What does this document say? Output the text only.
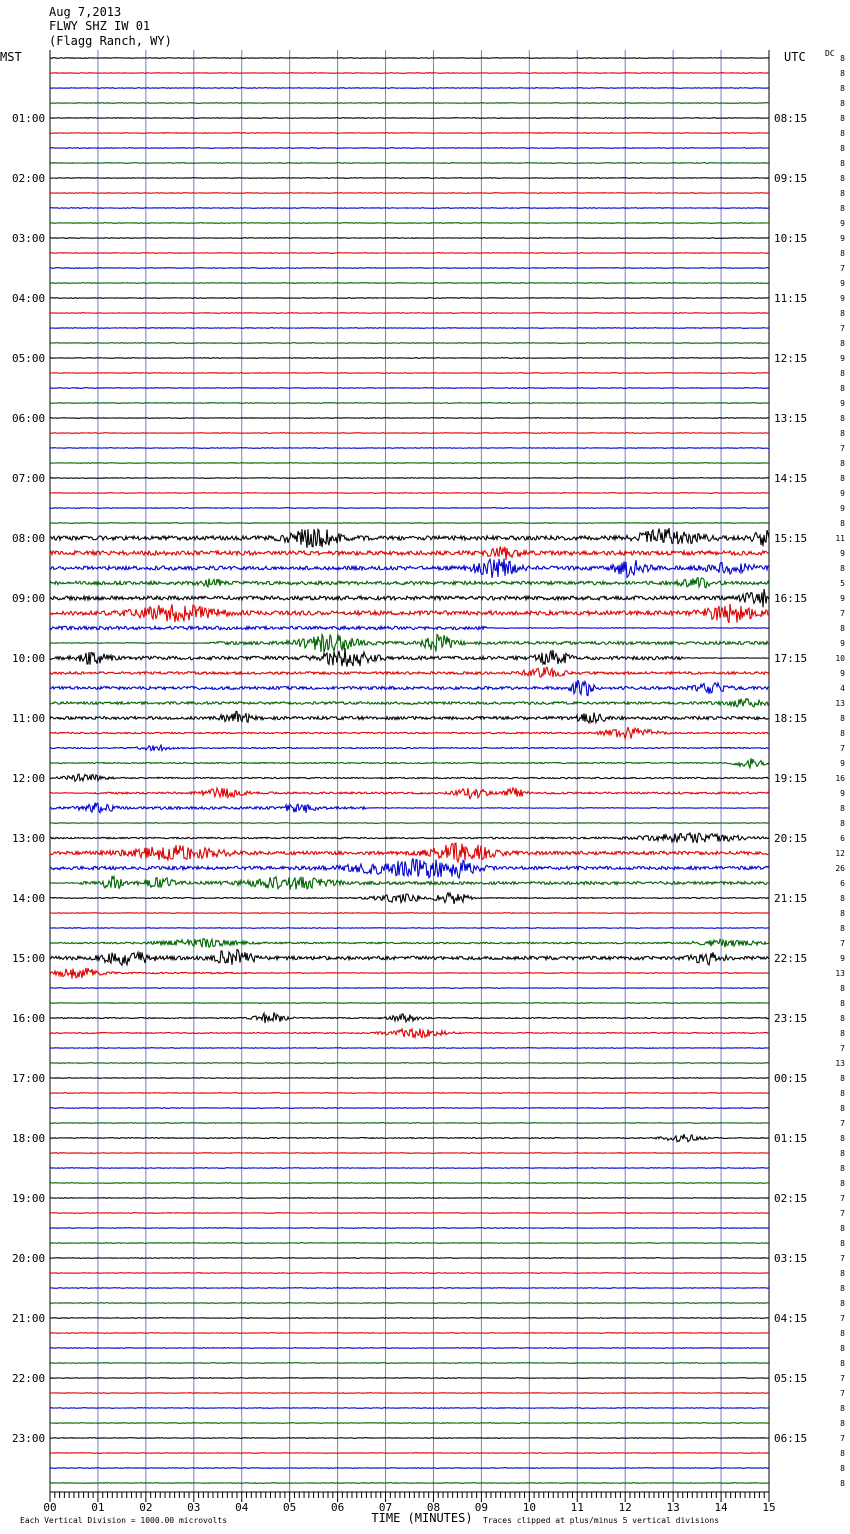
Aug 7,2013
FLWY SHZ IW 01
(Flagg Ranch, WY)
MST	UTC DC
01:00
02:00
03:00
04:00
05:00
06:00
07:00
08:00
09:00
10:00
11:00
12:00
13:00
14:00
15:00
16:00
17:00
18:00
19:00
20:00
21:00
22:00
23:00
08:15
09:15
10:15
11:15
12:15
13:15
14:15
15:15
16:15
17:15
18:15
19:15
20:15
21:15
22:15
23:15
00:15
01:15
02:15
03:15
04:15
05:15
06:15
8
8
8
8
8
8
8
8
8
8
8
9
9
8
7
9
9
8
7
8
9
8
8
9
8
8
7
8
8
9
9
8
11
9
8
5
9
7
8
9
10
9
4
13
8
8
7
9
16
9
8
8
6
12
26
6
8
8
8
7
9
13
8
8
8
8
7
13
8
8
8
7
8
8
8
8
7
7
8
8
7
8
8
8
7
8
8
8
7
7
8
8
7
8
8
8
00	01	02	03	04	05	06	07	08	09	10	11	12	13	14	15
TIME (MINUTES)
Each Vertical Division = 1000.00 microvolts	Traces clipped at plus/minus 5 vertical divisions
